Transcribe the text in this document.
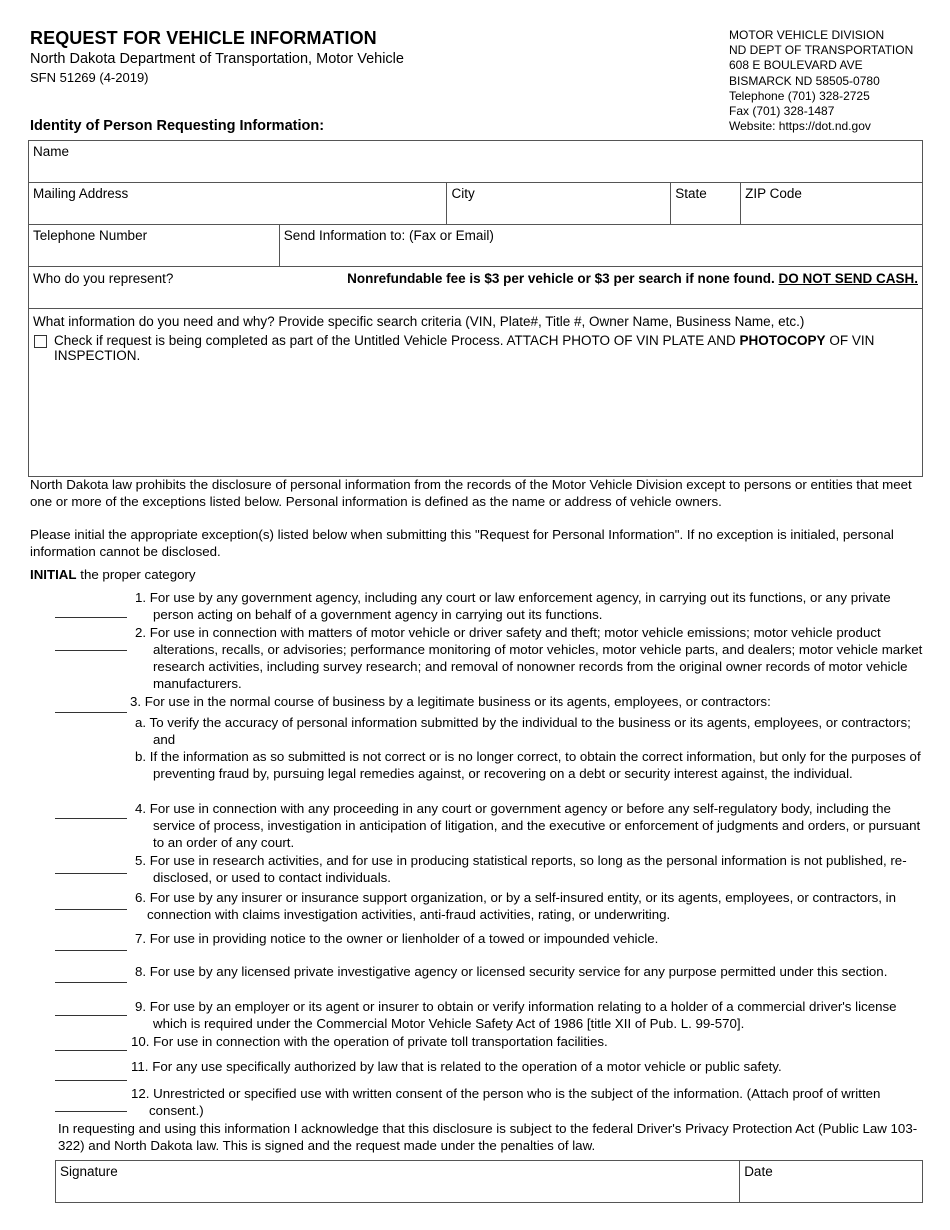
REQUEST FOR VEHICLE INFORMATION
North Dakota Department of Transportation, Motor Vehicle
SFN 51269 (4-2019)
MOTOR VEHICLE DIVISION
ND DEPT OF TRANSPORTATION
608 E BOULEVARD AVE
BISMARCK ND 58505-0780
Telephone (701) 328-2725
Fax (701) 328-1487
Website: https://dot.nd.gov
Identity of Person Requesting Information:
Name				
Mailing Address		City	State	ZIP Code
Telephone Number	Send Information to: (Fax or Email)			

Who do you represent? Nonrefundable fee is $3 per vehicle or $3 per search if none found. DO NOT SEND CASH.				

What information do you need and why? Provide specific search criteria (VIN, Plate#, Title #, Owner Name, Business Name, etc.)
Check if request is being completed as part of the Untitled Vehicle Process. ATTACH PHOTO OF VIN PLATE AND PHOTOCOPY OF VIN INSPECTION.				
North Dakota law prohibits the disclosure of personal information from the records of the Motor Vehicle Division except to persons or entities that meet one or more of the exceptions listed below. Personal information is defined as the name or address of vehicle owners.
Please initial the appropriate exception(s) listed below when submitting this "Request for Personal Information". If no exception is initialed, personal information cannot be disclosed.
INITIAL the proper category
1. For use by any government agency, including any court or law enforcement agency, in carrying out its functions, or any private person acting on behalf of a government agency in carrying out its functions.
2. For use in connection with matters of motor vehicle or driver safety and theft; motor vehicle emissions; motor vehicle product alterations, recalls, or advisories; performance monitoring of motor vehicles, motor vehicle parts, and dealers; motor vehicle market research activities, including survey research; and removal of nonowner records from the original owner records of motor vehicle manufacturers.
3. For use in the normal course of business by a legitimate business or its agents, employees, or contractors:
a. To verify the accuracy of personal information submitted by the individual to the business or its agents, employees, or contractors; and
b. If the information as so submitted is not correct or is no longer correct, to obtain the correct information, but only for the purposes of preventing fraud by, pursuing legal remedies against, or recovering on a debt or security interest against, the individual.
4. For use in connection with any proceeding in any court or government agency or before any self-regulatory body, including the service of process, investigation in anticipation of litigation, and the executive or enforcement of judgments and orders, or pursuant to an order of any court.
5. For use in research activities, and for use in producing statistical reports, so long as the personal information is not published, re-disclosed, or used to contact individuals.
6. For use by any insurer or insurance support organization, or by a self-insured entity, or its agents, employees, or contractors, in connection with claims investigation activities, anti-fraud activities, rating, or underwriting.
7. For use in providing notice to the owner or lienholder of a towed or impounded vehicle.
8. For use by any licensed private investigative agency or licensed security service for any purpose permitted under this section.
9. For use by an employer or its agent or insurer to obtain or verify information relating to a holder of a commercial driver's license which is required under the Commercial Motor Vehicle Safety Act of 1986 [title XII of Pub. L. 99-570].
10. For use in connection with the operation of private toll transportation facilities.
11. For any use specifically authorized by law that is related to the operation of a motor vehicle or public safety.
12. Unrestricted or specified use with written consent of the person who is the subject of the information. (Attach proof of written consent.)
In requesting and using this information I acknowledge that this disclosure is subject to the federal Driver's Privacy Protection Act (Public Law 103-322) and North Dakota law. This is signed and the request made under the penalties of law.
Signature	Date
